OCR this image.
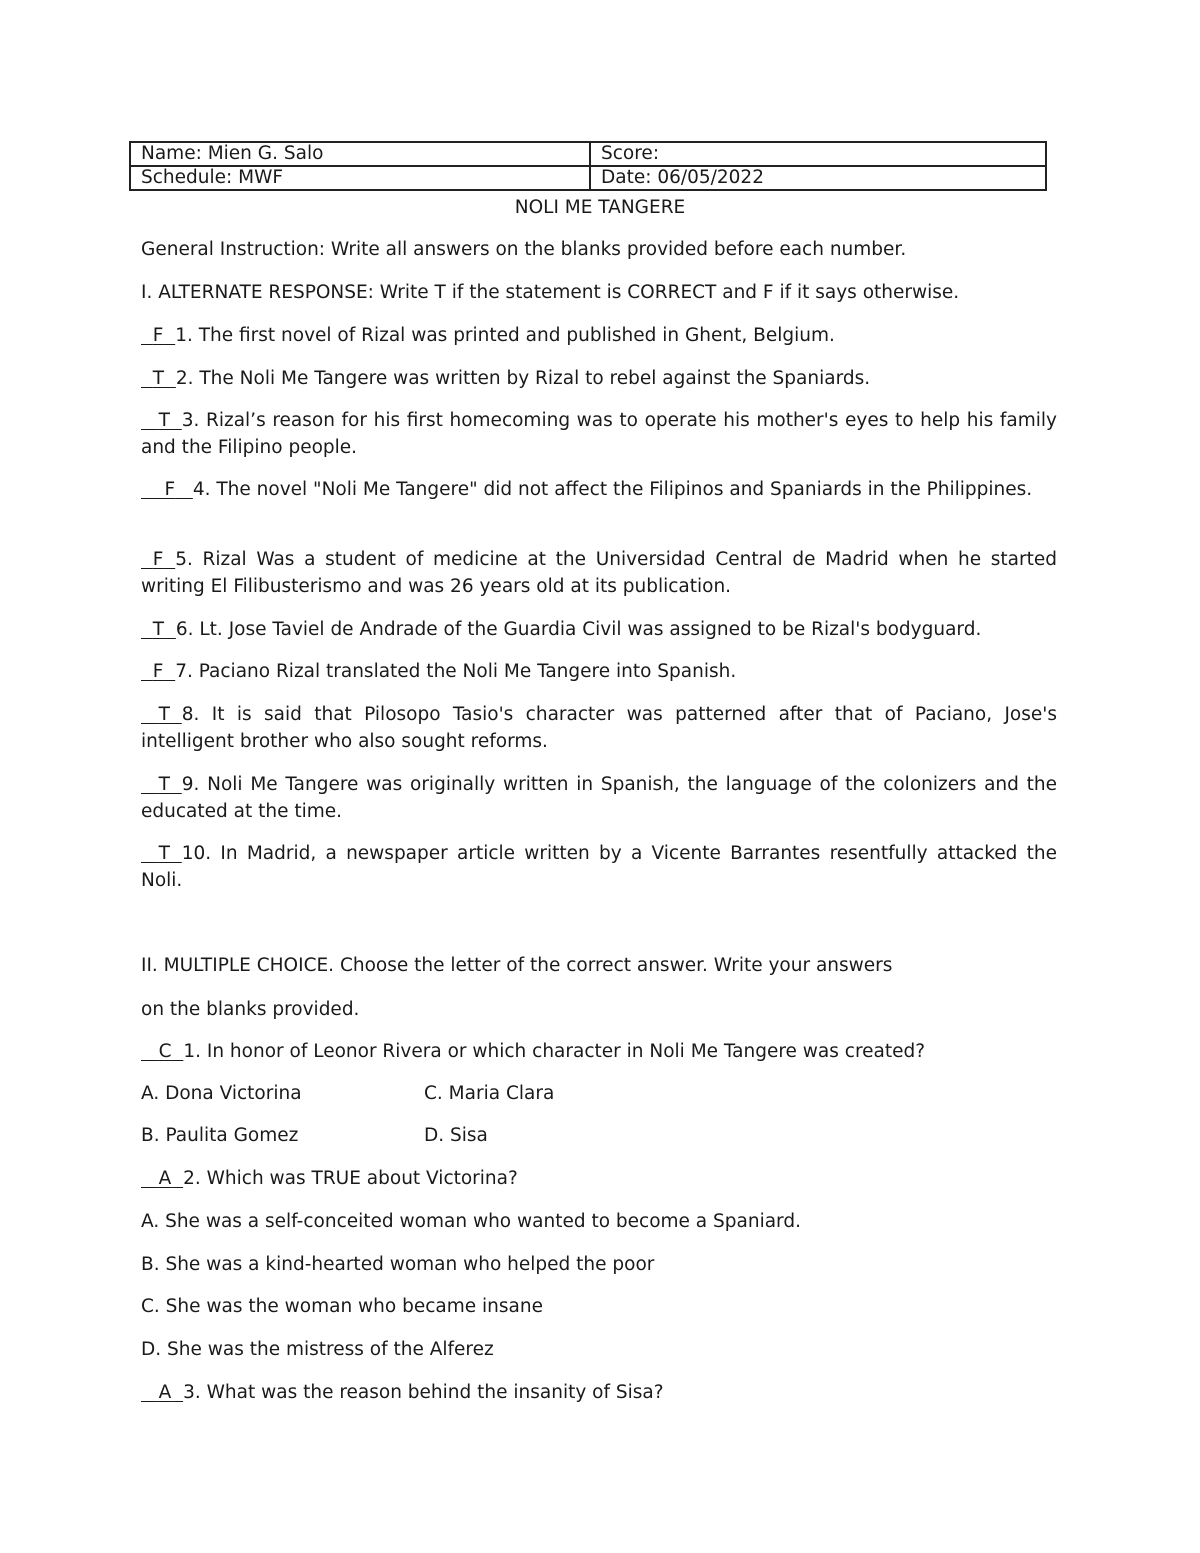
Name: Mien G. Salo	Score:
Schedule: MWF	Date: 06/05/2022
NOLI ME TANGERE
General Instruction: Write all answers on the blanks provided before each number.
I. ALTERNATE RESPONSE: Write T if the statement is CORRECT and F if it says otherwise.
F 1. The first novel of Rizal was printed and published in Ghent, Belgium.
T 2. The Noli Me Tangere was written by Rizal to rebel against the Spaniards.
T 3. Rizal’s reason for his first homecoming was to operate his mother's eyes to help his family and the Filipino people.
F 4. The novel "Noli Me Tangere" did not affect the Filipinos and Spaniards in the Philippines.
F 5. Rizal Was a student of medicine at the Universidad Central de Madrid when he started writing El Filibusterismo and was 26 years old at its publication.
T 6. Lt. Jose Taviel de Andrade of the Guardia Civil was assigned to be Rizal's bodyguard.
F 7. Paciano Rizal translated the Noli Me Tangere into Spanish.
T 8. It is said that Pilosopo Tasio's character was patterned after that of Paciano, Jose's intelligent brother who also sought reforms.
T 9. Noli Me Tangere was originally written in Spanish, the language of the colonizers and the educated at the time.
T 10. In Madrid, a newspaper article written by a Vicente Barrantes resentfully attacked the Noli.
II. MULTIPLE CHOICE. Choose the letter of the correct answer. Write your answers
on the blanks provided.
C 1. In honor of Leonor Rivera or which character in Noli Me Tangere was created?
A. Dona Victorina	C. Maria Clara
B. Paulita Gomez	D. Sisa
A 2. Which was TRUE about Victorina?
A. She was a self-conceited woman who wanted to become a Spaniard.
B. She was a kind-hearted woman who helped the poor
C. She was the woman who became insane
D. She was the mistress of the Alferez
A 3. What was the reason behind the insanity of Sisa?
